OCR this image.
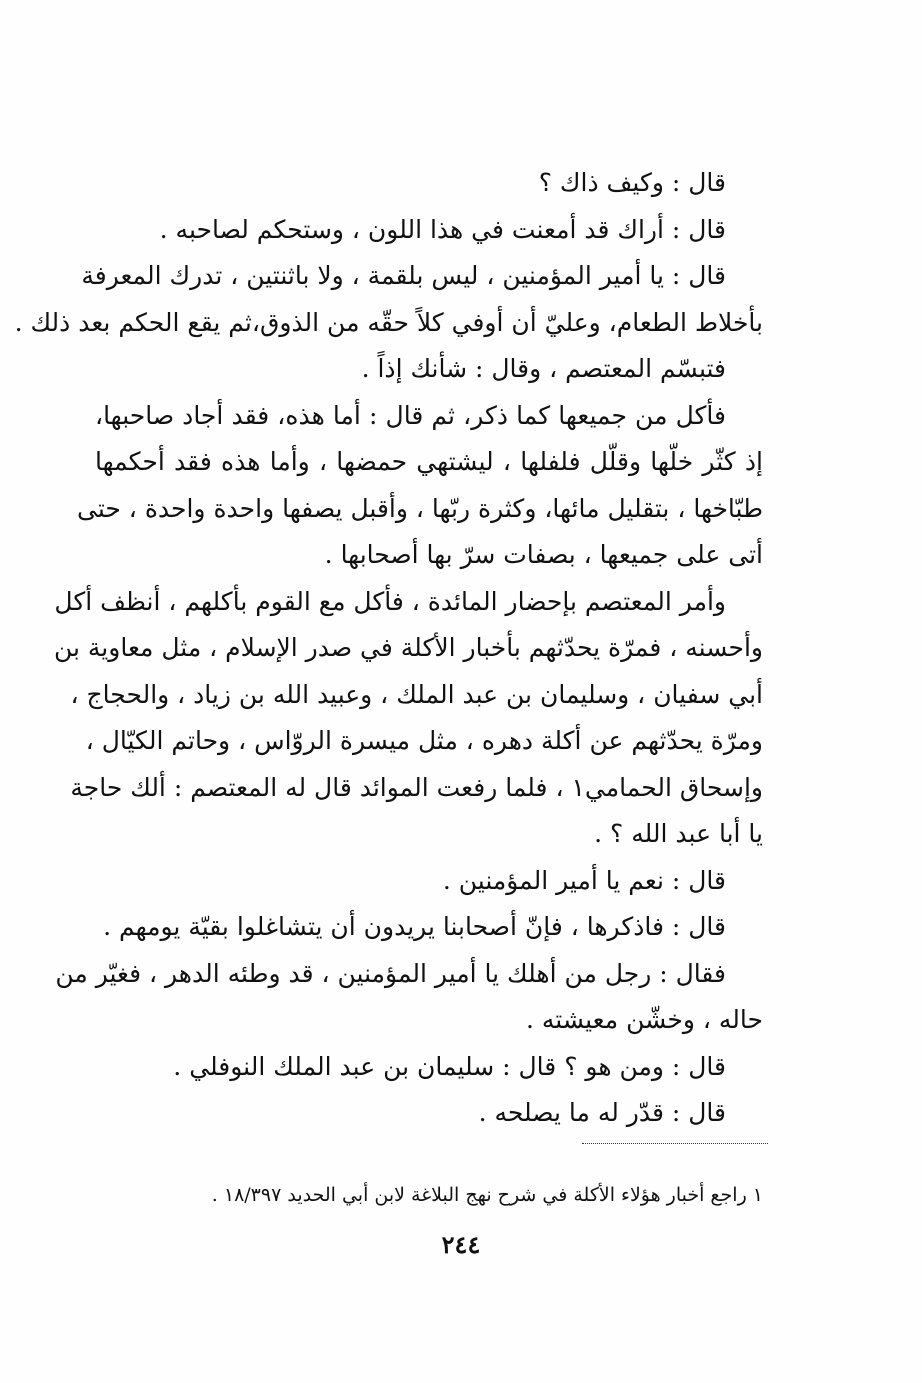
قال : وكيف ذاك ؟
قال : أراك قد أمعنت في هذا اللون ، وستحكم لصاحبه .
قال : يا أمير المؤمنين ، ليس بلقمة ، ولا باثنتين ، تدرك المعرفة
بأخلاط الطعام، وعليّ أن أوفي كلاً حقّه من الذوق،ثم يقع الحكم بعد ذلك .
فتبسّم المعتصم ، وقال : شأنك إذاً .
فأكل من جميعها كما ذكر، ثم قال : أما هذه، فقد أجاد صاحبها،
إذ كثّر خلّها وقلّل فلفلها ، ليشتهي حمضها ، وأما هذه فقد أحكمها
طبّاخها ، بتقليل مائها، وكثرة ربّها ، وأقبل يصفها واحدة واحدة ، حتى
أتى على جميعها ، بصفات سرّ بها أصحابها .
وأمر المعتصم بإحضار المائدة ، فأكل مع القوم بأكلهم ، أنظف أكل
وأحسنه ، فمرّة يحدّثهم بأخبار الأكلة في صدر الإسلام ، مثل معاوية بن
أبي سفيان ، وسليمان بن عبد الملك ، وعبيد الله بن زياد ، والحجاج ،
ومرّة يحدّثهم عن أكلة دهره ، مثل ميسرة الروّاس ، وحاتم الكيّال ،
وإسحاق الحمامي١ ، فلما رفعت الموائد قال له المعتصم : ألك حاجة
يا أبا عبد الله ؟ .
قال : نعم يا أمير المؤمنين .
قال : فاذكرها ، فإنّ أصحابنا يريدون أن يتشاغلوا بقيّة يومهم .
فقال : رجل من أهلك يا أمير المؤمنين ، قد وطئه الدهر ، فغيّر من
حاله ، وخشّن معيشته .
قال : ومن هو ؟ قال : سليمان بن عبد الملك النوفلي .
قال : قدّر له ما يصلحه .
١ راجع أخبار هؤلاء الأكلة في شرح نهج البلاغة لابن أبي الحديد ١٨/٣٩٧ .
٢٤٤
